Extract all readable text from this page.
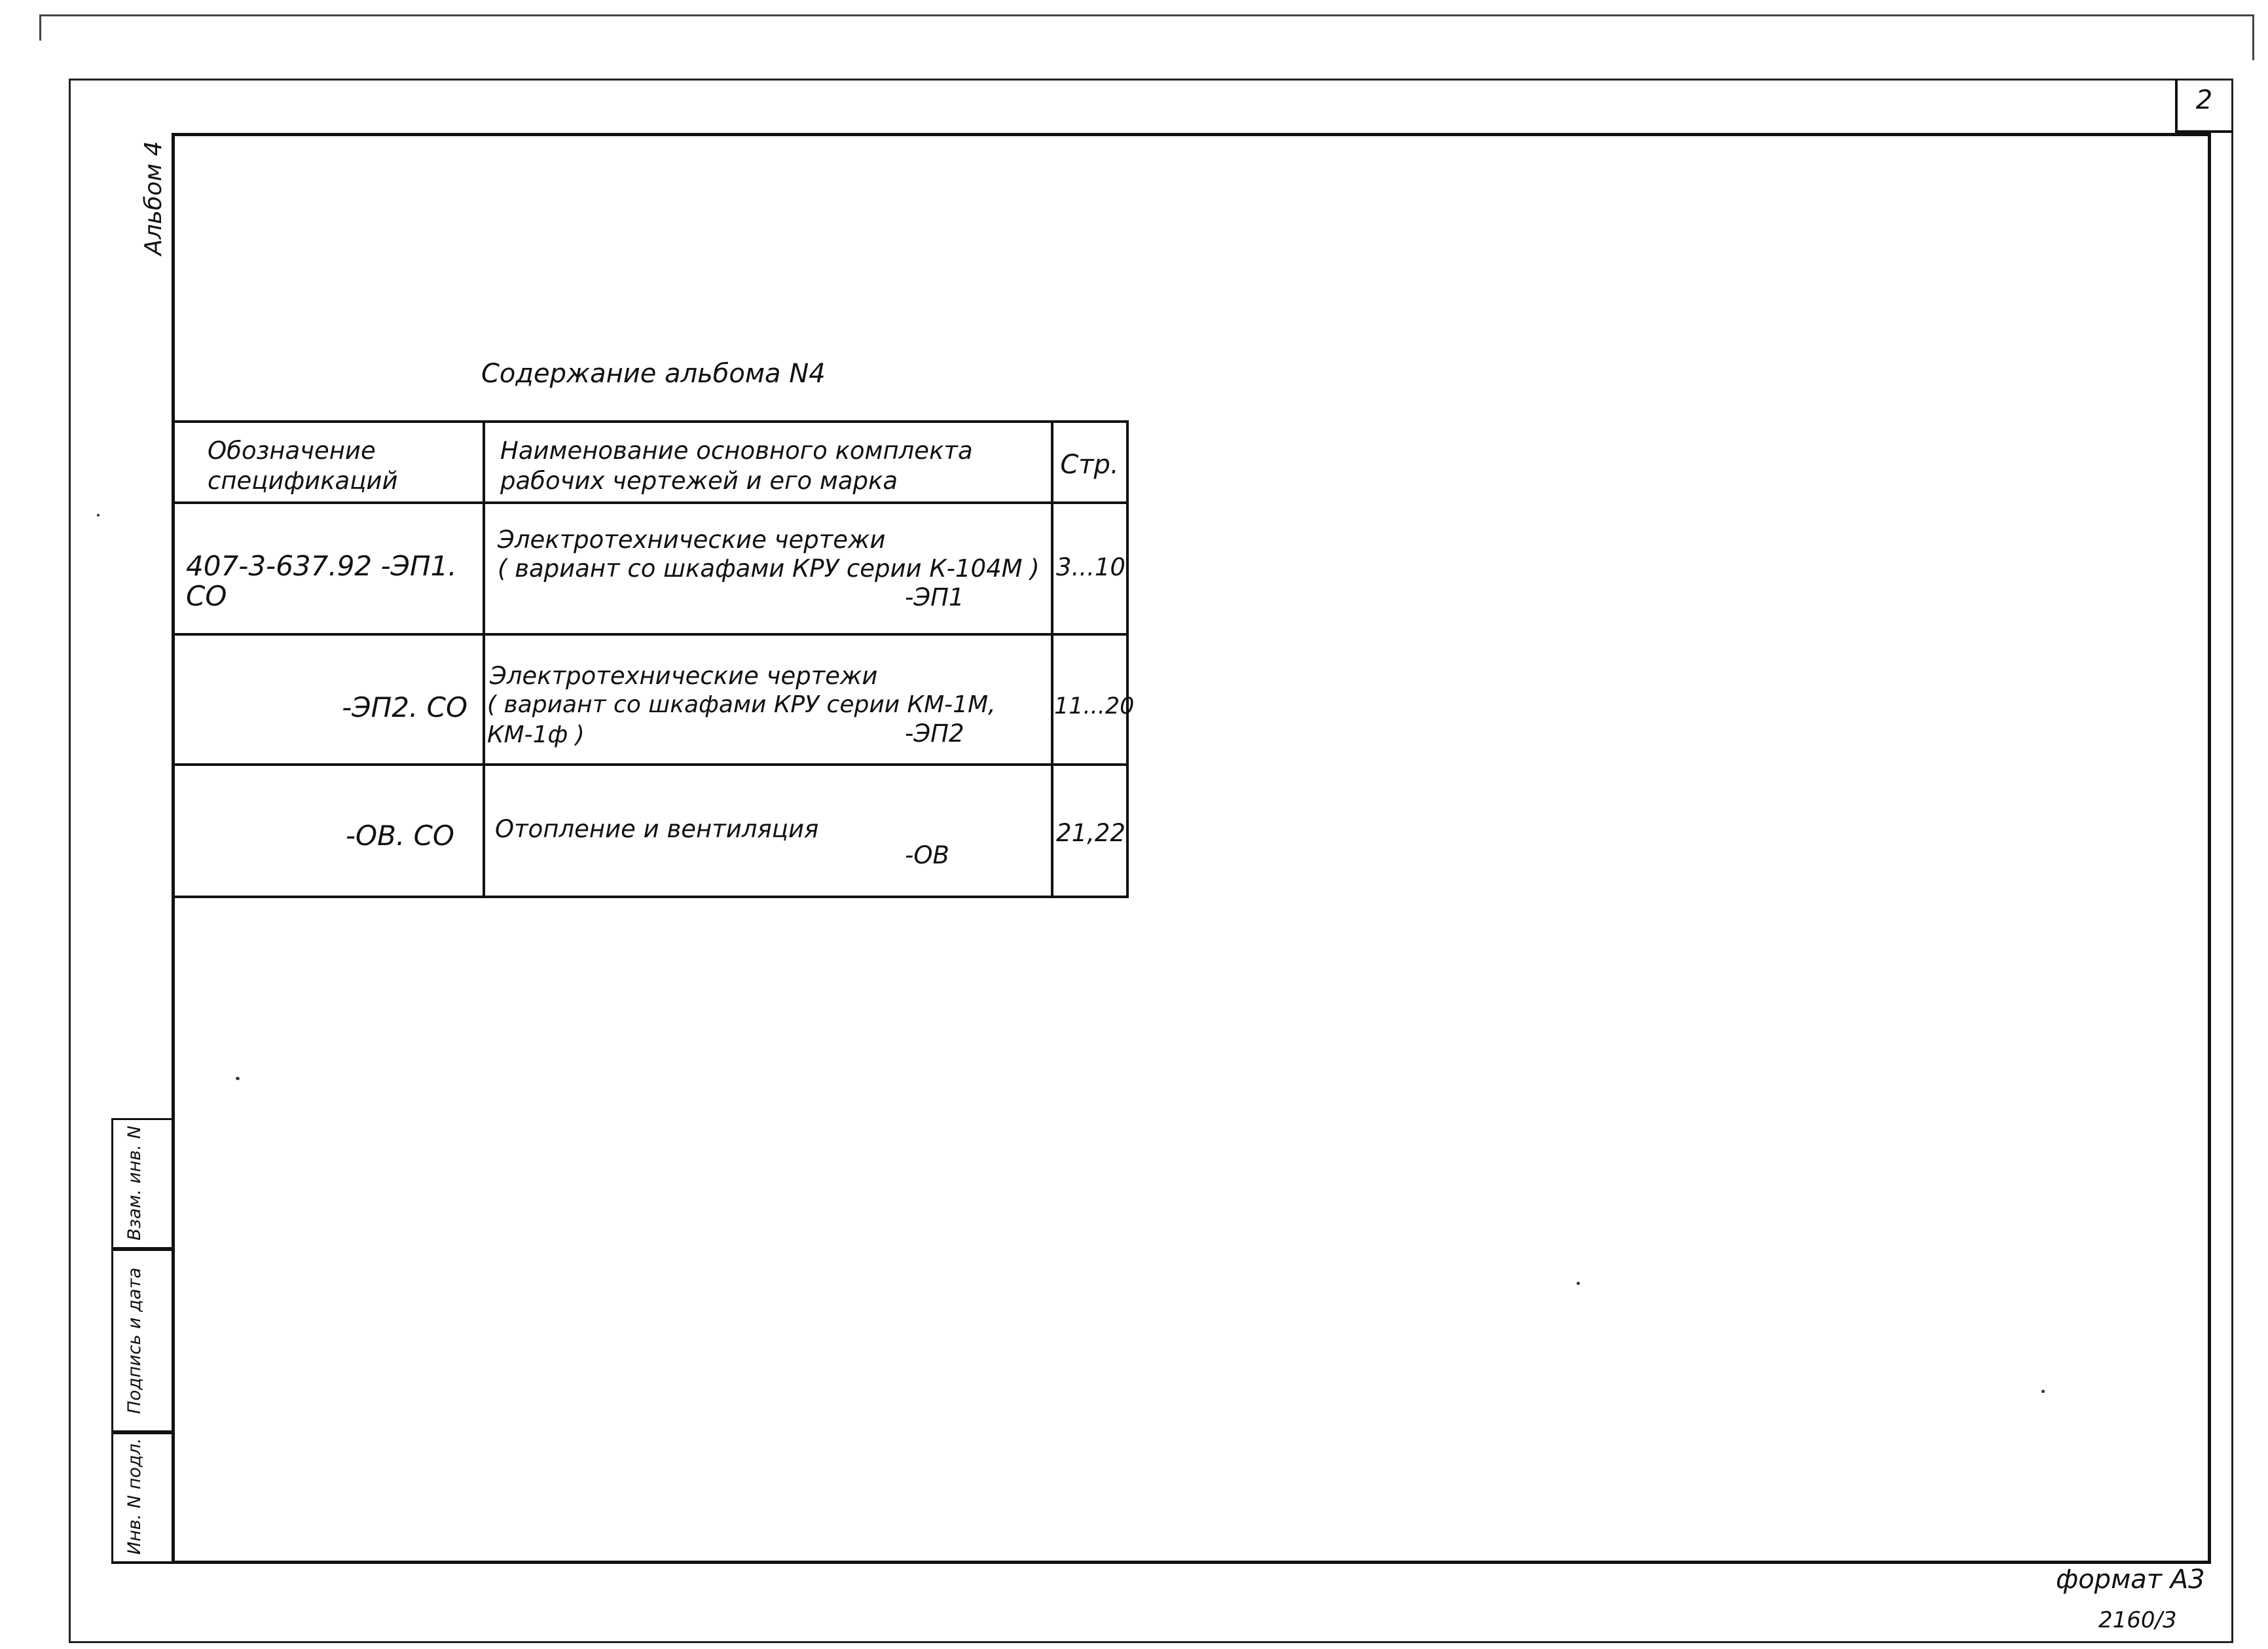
2
Альбом 4
Содержание альбома N4
Обозначение спецификаций
Наименование основного комплекта рабочих чертежей и его марка
Стр.
407-3-637.92 -ЭП1. СО
Электротехнические чертежи
( вариант со шкафами КРУ серии К-104М )
-ЭП1
3...10
-ЭП2. СО
Электротехнические чертежи
( вариант со шкафами КРУ серии КМ-1М, КМ-1ф )	-ЭП2
11...20
-ОВ. СО Отопление и вентиляция
-ОВ
21,22
Взам. инв. N
Подпись и дата
Инв. N подл.
формат А3
2160/3
